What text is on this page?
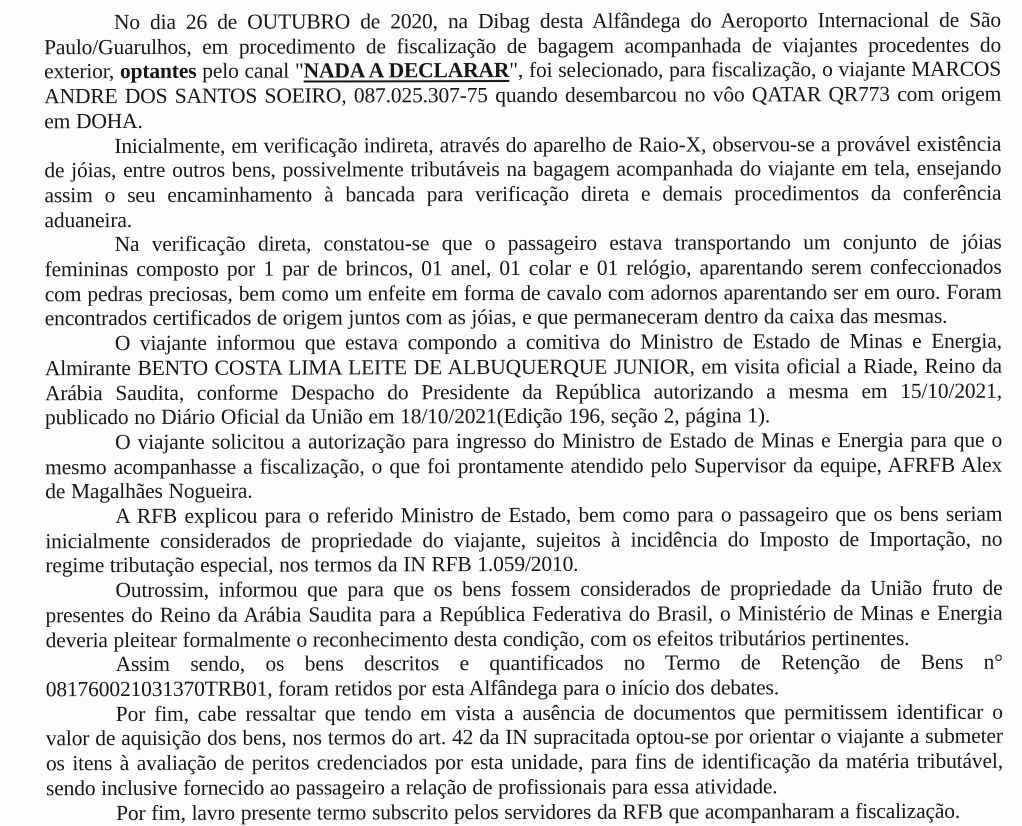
No dia 26 de OUTUBRO de 2020, na Dibag desta Alfândega do Aeroporto Internacional de São Paulo/Guarulhos, em procedimento de fiscalização de bagagem acompanhada de viajantes procedentes do exterior, optantes pelo canal "NADA A DECLARAR", foi selecionado, para fiscalização, o viajante MARCOS ANDRE DOS SANTOS SOEIRO, 087.025.307-75 quando desembarcou no vôo QATAR QR773 com origem em DOHA.

Inicialmente, em verificação indireta, através do aparelho de Raio-X, observou-se a provável existência de jóias, entre outros bens, possivelmente tributáveis na bagagem acompanhada do viajante em tela, ensejando assim o seu encaminhamento à bancada para verificação direta e demais procedimentos da conferência aduaneira.

Na verificação direta, constatou-se que o passageiro estava transportando um conjunto de jóias femininas composto por 1 par de brincos, 01 anel, 01 colar e 01 relógio, aparentando serem confeccionados com pedras preciosas, bem como um enfeite em forma de cavalo com adornos aparentando ser em ouro. Foram encontrados certificados de origem juntos com as jóias, e que permaneceram dentro da caixa das mesmas.

O viajante informou que estava compondo a comitiva do Ministro de Estado de Minas e Energia, Almirante BENTO COSTA LIMA LEITE DE ALBUQUERQUE JUNIOR, em visita oficial a Riade, Reino da Arábia Saudita, conforme Despacho do Presidente da República autorizando a mesma em 15/10/2021, publicado no Diário Oficial da União em 18/10/2021(Edição 196, seção 2, página 1).

O viajante solicitou a autorização para ingresso do Ministro de Estado de Minas e Energia para que o mesmo acompanhasse a fiscalização, o que foi prontamente atendido pelo Supervisor da equipe, AFRFB Alex de Magalhães Nogueira.

A RFB explicou para o referido Ministro de Estado, bem como para o passageiro que os bens seriam inicialmente considerados de propriedade do viajante, sujeitos à incidência do Imposto de Importação, no regime tributação especial, nos termos da IN RFB 1.059/2010.

Outrossim, informou que para que os bens fossem considerados de propriedade da União fruto de presentes do Reino da Arábia Saudita para a República Federativa do Brasil, o Ministério de Minas e Energia deveria pleitear formalmente o reconhecimento desta condição, com os efeitos tributários pertinentes.

Assim sendo, os bens descritos e quantificados no Termo de Retenção de Bens n° 081760021031370TRB01, foram retidos por esta Alfândega para o início dos debates.

Por fim, cabe ressaltar que tendo em vista a ausência de documentos que permitissem identificar o valor de aquisição dos bens, nos termos do art. 42 da IN supracitada optou-se por orientar o viajante a submeter os itens à avaliação de peritos credenciados por esta unidade, para fins de identificação da matéria tributável, sendo inclusive fornecido ao passageiro a relação de profissionais para essa atividade.

Por fim, lavro presente termo subscrito pelos servidores da RFB que acompanharam a fiscalização.
